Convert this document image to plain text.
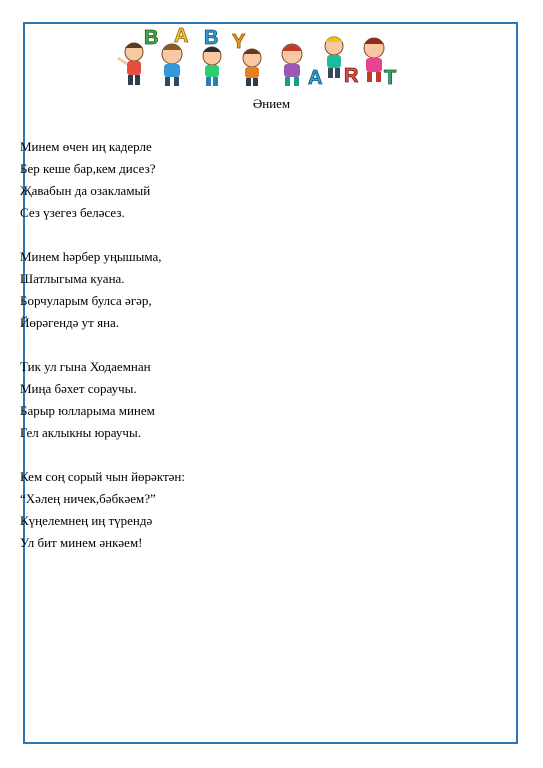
B A B Y
A R T
Әнием
Минем өчен иң кадерле
Бер кеше бар,кем дисез?
Җавабын да озакламый
Сез үзегез беләсез.
Минем һәрбер уңышыма,
Шатлыгыма куана.
Борчуларым булса әгәр,
Йөрәгендә ут яна.
Тик ул гына Ходаемнан
Миңа бәхет сораучы.
Барыр юлларыма минем
Гел аклыкны юраучы.
Кем соң сорый чын йөрәктән:
“Хәлең ничек,бәбкәем?”
Күңелемнең иң түрендә
Ул бит минем әнкәем!
